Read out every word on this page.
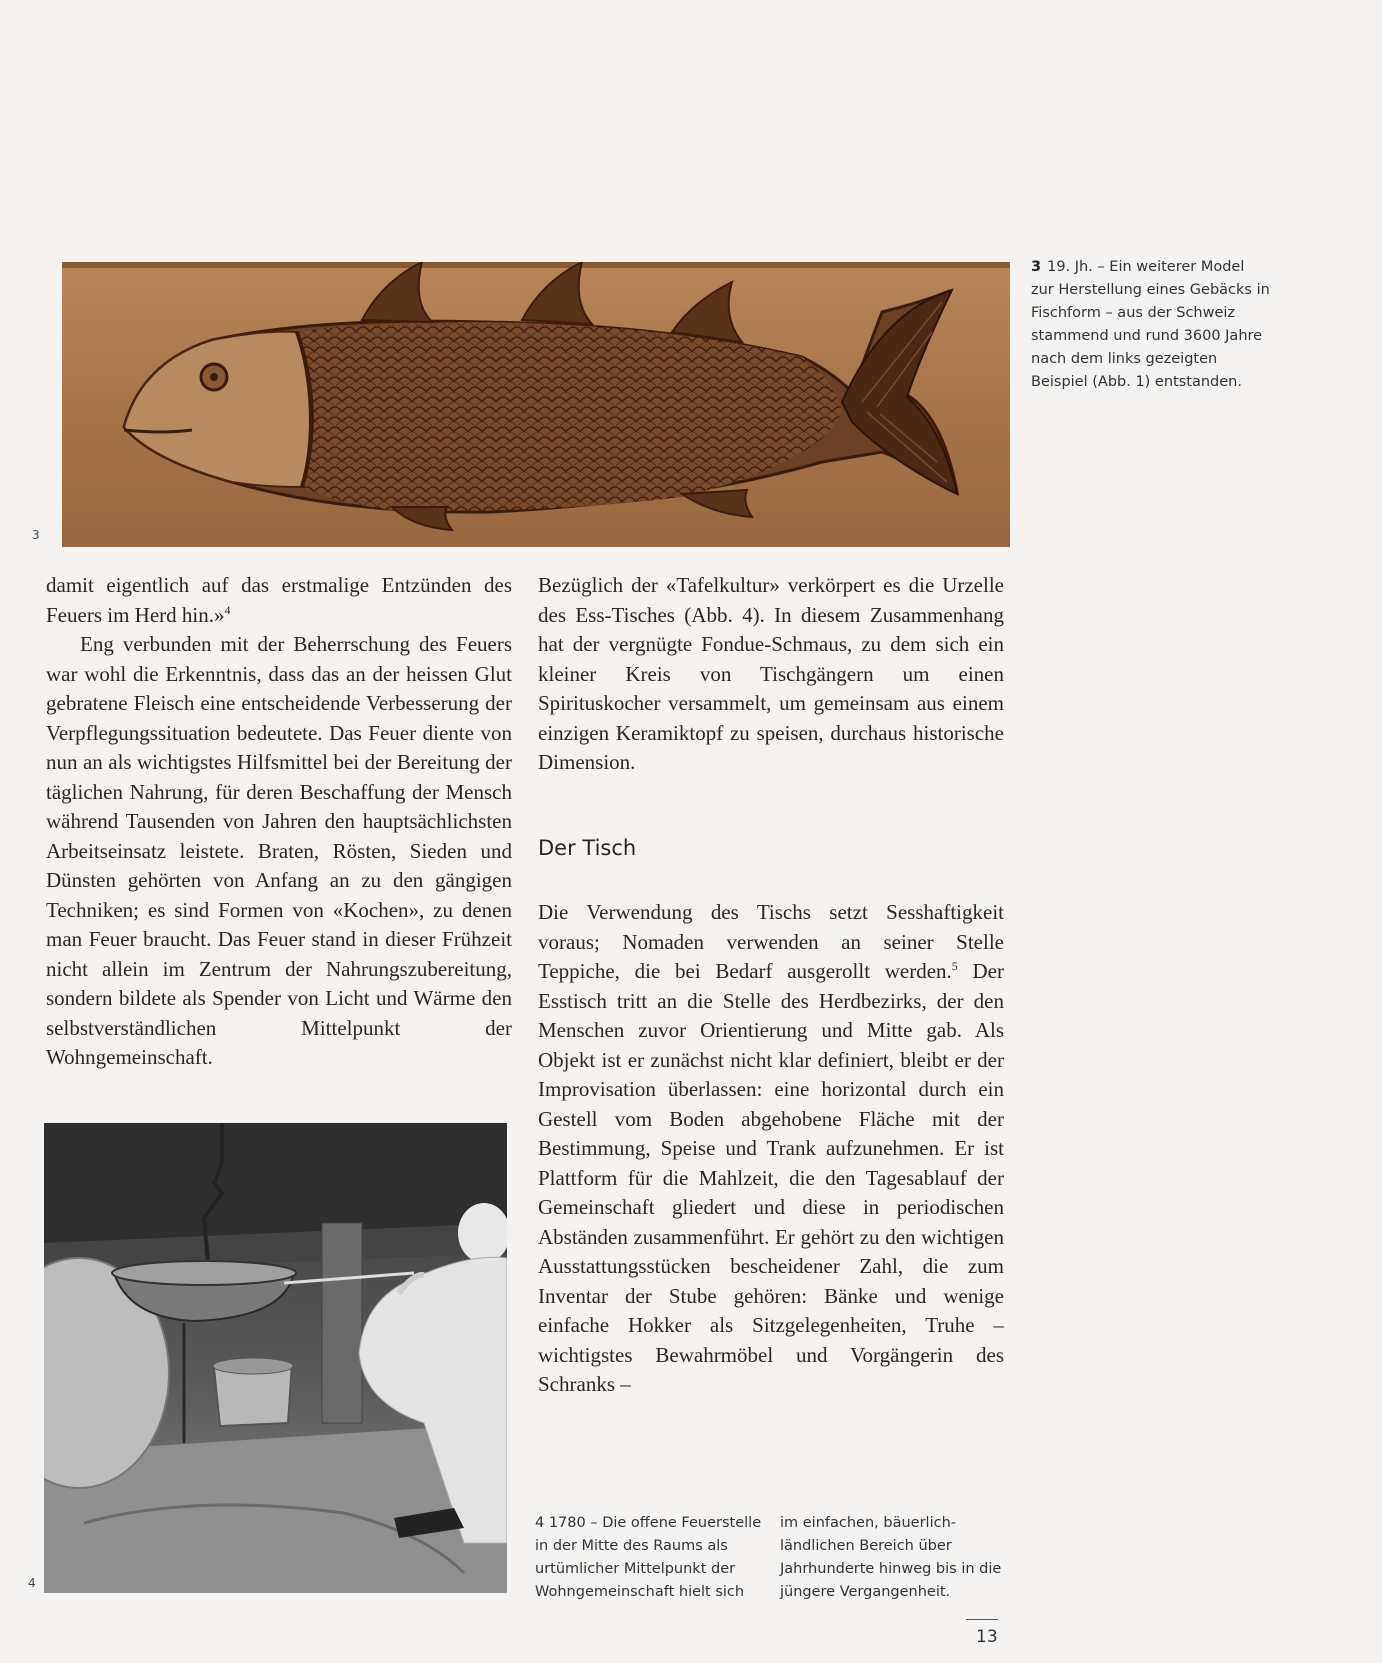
3
3 19. Jh. – Ein weiterer Model zur Herstellung eines Gebäcks in Fischform – aus der Schweiz stammend und rund 3600 Jahre nach dem links gezeigten Beispiel (Abb. 1) entstanden.

damit eigentlich auf das erstmalige Entzünden des Feuers im Herd hin.»$^4$

Eng verbunden mit der Beherrschung des Feuers war wohl die Erkenntnis, dass das an der heissen Glut gebratene Fleisch eine entscheidende Verbesserung der Verpflegungssituation bedeutete. Das Feuer diente von nun an als wichtigstes Hilfsmittel bei der Bereitung der täglichen Nahrung, für deren Beschaffung der Mensch während Tausenden von Jahren den hauptsächlichsten Arbeitseinsatz leistete. Braten, Rösten, Sieden und Dünsten gehörten von Anfang an zu den gängigen Techniken; es sind Formen von «Kochen», zu denen man Feuer braucht. Das Feuer stand in dieser Frühzeit nicht allein im Zentrum der Nahrungszubereitung, sondern bildete als Spender von Licht und Wärme den selbstverständlichen Mittelpunkt der Wohngemeinschaft.

Bezüglich der «Tafelkultur» verkörpert es die Urzelle des Ess-Tisches (Abb. 4). In diesem Zusammenhang hat der vergnügte Fondue-Schmaus, zu dem sich ein kleiner Kreis von Tischgängern um einen Spirituskocher versammelt, um gemeinsam aus einem einzigen Keramiktopf zu speisen, durchaus historische Dimension.
Der Tisch
Die Verwendung des Tischs setzt Sesshaftigkeit voraus; Nomaden verwenden an seiner Stelle Teppiche, die bei Bedarf ausgerollt werden.$^5$ Der Esstisch tritt an die Stelle des Herdbezirks, der den Menschen zuvor Orientierung und Mitte gab. Als Objekt ist er zunächst nicht klar definiert, bleibt er der Improvisation überlassen: eine horizontal durch ein Gestell vom Boden abgehobene Fläche mit der Bestimmung, Speise und Trank aufzunehmen. Er ist Plattform für die Mahlzeit, die den Tagesablauf der Gemeinschaft gliedert und diese in periodischen Abständen zusammenführt. Er gehört zu den wichtigen Ausstattungsstücken bescheidener Zahl, die zum Inventar der Stube gehören: Bänke und wenige einfache Hokker als Sitzgelegenheiten, Truhe – wichtigstes Bewahrmöbel und Vorgängerin des Schranks –
4
4 1780 – Die offene Feuerstelle in der Mitte des Raums als urtümlicher Mittelpunkt der Wohngemeinschaft hielt sich
im einfachen, bäuerlich-ländlichen Bereich über Jahrhunderte hinweg bis in die jüngere Vergangenheit.
13
